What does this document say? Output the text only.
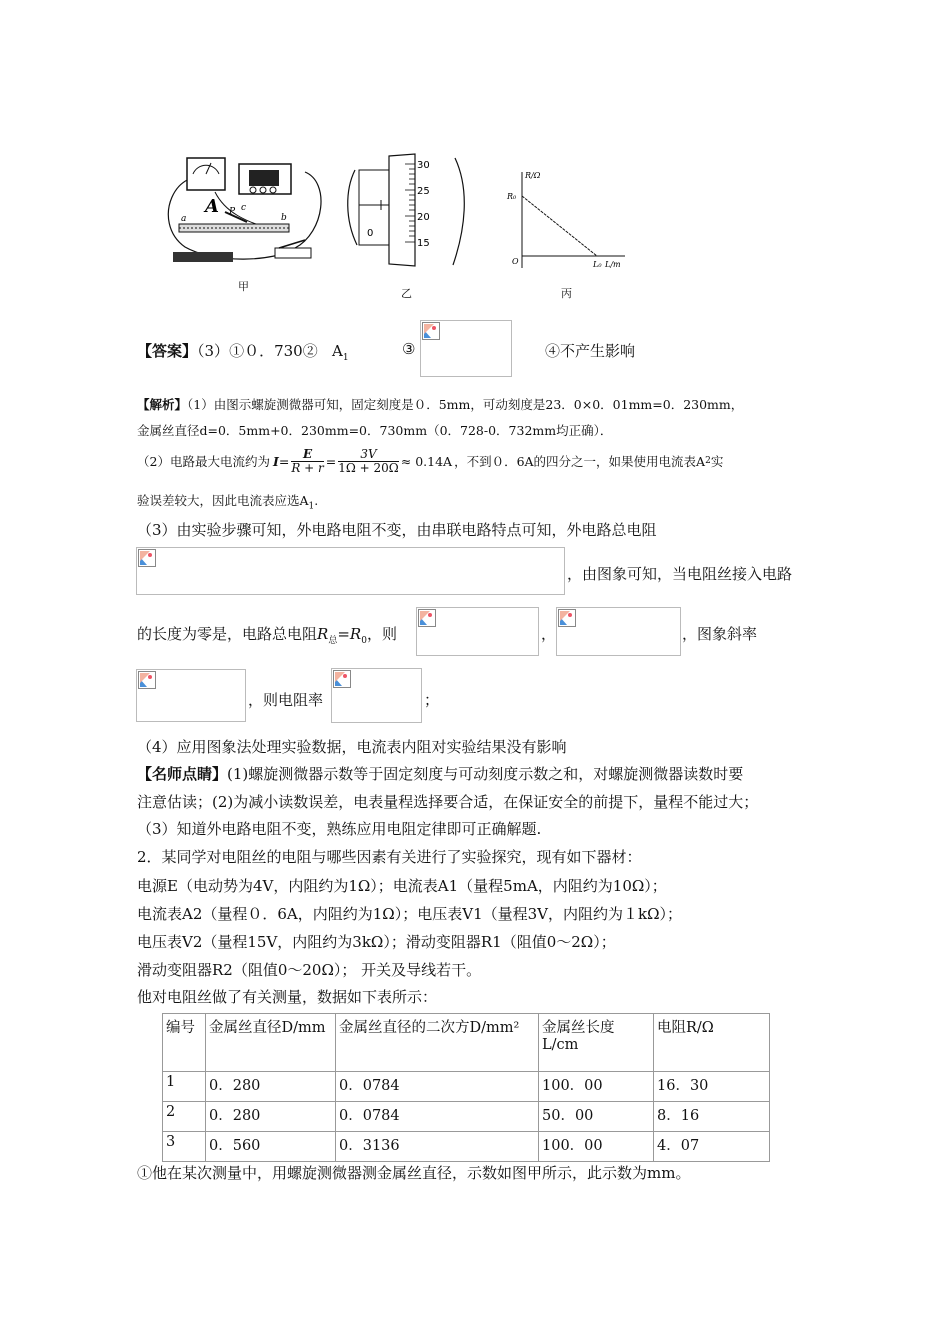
A
a
P c
b
甲
30
25
20
15
0
乙
R/Ω
R₀
O	L₀ L/m
丙
【答案】（3）①０．730② $A_1$	③	④不产生影响
【解析】（1）由图示螺旋测微器可知，固定刻度是０．5mm，可动刻度是23．0×0．01mm=0．230mm，
金属丝直径d=0．5mm+0．230mm=0．730mm（0．728-0．732mm均正确）．
（2）电路最大电流约为 $I = \frac{E}{R + r} = \frac{3V}{1\Omega + 20\Omega} \approx 0.14A$ ，不到０．6A的四分之一，如果使用电流表A 2 实
验误差较大，因此电流表应选$A_1$.
（3）由实验步骤可知，外电路电阻不变，由串联电路特点可知，外电路总电阻
，由图象可知，当电阻丝接入电路
的长度为零是，电路总电阻$R_总=R_0$，则	，	，图象斜率
，则电阻率	；
（4）应用图象法处理实验数据，电流表内阻对实验结果没有影响
【名师点睛】(1)螺旋测微器示数等于固定刻度与可动刻度示数之和，对螺旋测微器读数时要
注意估读；(2)为减小读数误差，电表量程选择要合适，在保证安全的前提下，量程不能过大；
（3）知道外电路电阻不变，熟练应用电阻定律即可正确解题.
2．某同学对电阻丝的电阻与哪些因素有关进行了实验探究，现有如下器材：
电源E（电动势为4V，内阻约为1Ω）；电流表A1（量程5mA，内阻约为10Ω）；
电流表A2（量程０．6A，内阻约为1Ω）；电压表V1（量程3V，内阻约为１kΩ）；
电压表V2（量程15V，内阻约为3kΩ）；滑动变阻器R1（阻值0～2Ω）；
滑动变阻器R2（阻值0～20Ω）； 开关及导线若干。
他对电阻丝做了有关测量，数据如下表所示：
编号	金属丝直径D/mm	金属丝直径的二次方D/mm²	金属丝长度L/cm	电阻R/Ω
1	0．280	0．0784	100．00	16．30
2	0．280	0．0784	50．00	8．16
3	0．560	0．3136	100．00	4．07
①他在某次测量中，用螺旋测微器测金属丝直径，示数如图甲所示，此示数为mm。
